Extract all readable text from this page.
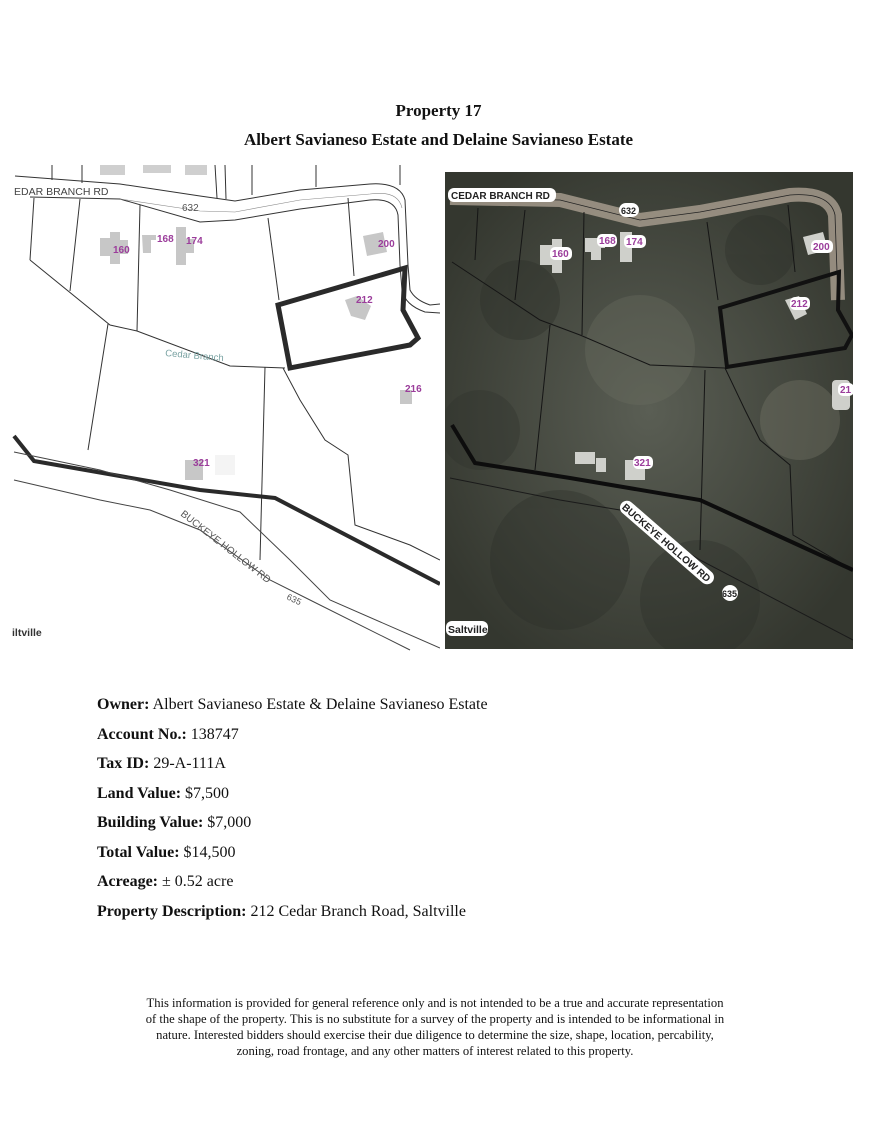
Property 17
Albert Savianeso Estate and Delaine Savianeso Estate
EDAR BRANCH RD
632
160
168 174	200
212
216
321
Cedar Branch
BUCKEYE HOLLOW RD
635
iltville
CEDAR BRANCH RD
632
160
168 174	200
212
21
321
BUCKEYE HOLLOW RD
635
Saltville
Owner: Albert Savianeso Estate & Delaine Savianeso Estate
Account No.: 138747
Tax ID: 29-A-111A
Land Value: $7,500
Building Value: $7,000
Total Value: $14,500
Acreage: ± 0.52 acre
Property Description: 212 Cedar Branch Road, Saltville
This information is provided for general reference only and is not intended to be a true and accurate representation
of the shape of the property. This is no substitute for a survey of the property and is intended to be informational in
nature. Interested bidders should exercise their due diligence to determine the size, shape, location, percability,
zoning, road frontage, and any other matters of interest related to this property.
